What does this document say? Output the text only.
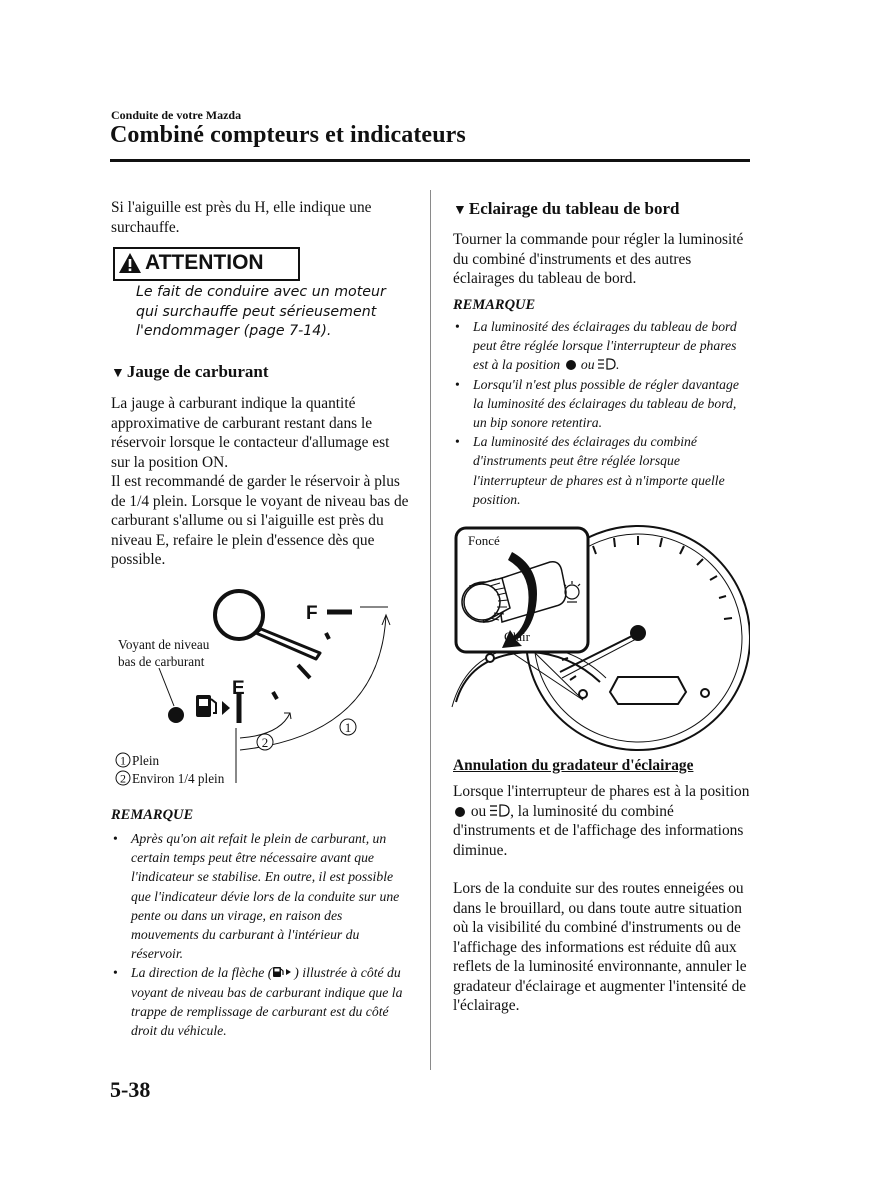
Conduite de votre Mazda
Combiné compteurs et indicateurs

Si l'aiguille est près du H, elle indique une surchauffe.

ATTENTION
Le fait de conduire avec un moteur qui surchauffe peut sérieusement l'endommager (page 7-14).
▼ Jauge de carburant

La jauge à carburant indique la quantité approximative de carburant restant dans le réservoir lorsque le contacteur d'allumage est sur la position ON.

Il est recommandé de garder le réservoir à plus de 1/4 plein. Lorsque le voyant de niveau bas de carburant s'allume ou si l'aiguille est près du niveau E, refaire le plein d'essence dès que possible.

F
E
Voyant de niveau
bas de carburant
1
2
1 Plein
2 Environ 1/4 plein
REMARQUE
• Après qu'on ait refait le plein de carburant, un certain temps peut être nécessaire avant que l'indicateur se stabilise. En outre, il est possible que l'indicateur dévie lors de la conduite sur une pente ou dans un virage, en raison des mouvements du carburant à l'intérieur du réservoir.
• La direction de la flèche ( ) illustrée à côté du voyant de niveau bas de carburant indique que la trappe de remplissage de carburant est du côté droit du véhicule.
5-38
▼ Eclairage du tableau de bord

Tourner la commande pour régler la luminosité du combiné d'instruments et des autres éclairages du tableau de bord.

REMARQUE
• La luminosité des éclairages du tableau de bord peut être réglée lorsque l'interrupteur de phares est à la position ou .
• Lorsqu'il n'est plus possible de régler davantage la luminosité des éclairages du tableau de bord, un bip sonore retentira.
• La luminosité des éclairages du combiné d'instruments peut être réglée lorsque l'interrupteur de phares est à n'importe quelle position.
Foncé
Clair
Annulation du gradateur d'éclairage

Lorsque l'interrupteur de phares est à la position  ou , la luminosité du combiné d'instruments et de l'affichage des informations diminue.

Lors de la conduite sur des routes enneigées ou dans le brouillard, ou dans toute autre situation où la visibilité du combiné d'instruments ou de l'affichage des informations est réduite dû aux reflets de la luminosité environnante, annuler le gradateur d'éclairage et augmenter l'intensité de l'éclairage.
